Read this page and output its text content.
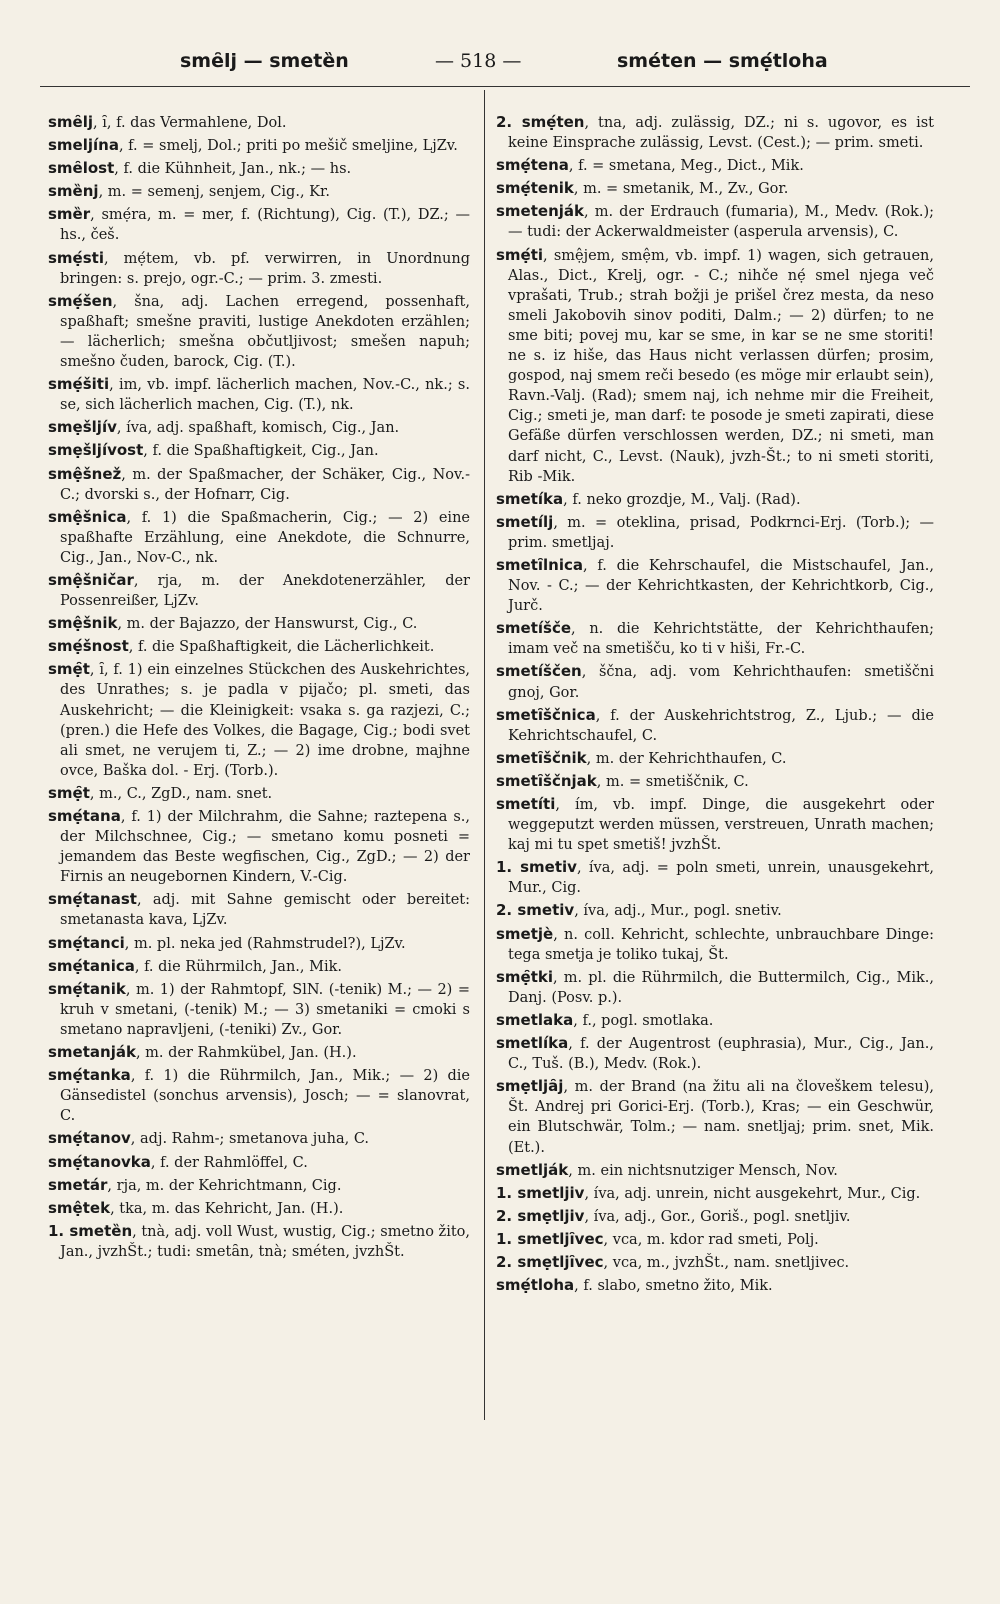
smȇlj — smetȅn	— 518 —	sméten — smẹ́tloha
smȇlj, ȋ, f. das Vermahlene, Dol.
smeljína, f. = smelj, Dol.; priti po mešič smeljine, LjZv.
smȇlost, f. die Kühnheit, Jan., nk.; — hs.
smȅnj, m. = semenj, senjem, Cig., Kr.
smȅr, smẹ́ra, m. = mer, f. (Richtung), Cig. (T.), DZ.; — hs., češ.
smẹ́sti, mẹ́tem, vb. pf. verwirren, in Unordnung bringen: s. prejo, ogr.-C.; — prim. 3. zmesti.
smẹ́šen, šna, adj. Lachen erregend, possenhaft, spaßhaft; smešne praviti, lustige Anekdoten erzählen; — lächerlich; smešna občutljivost; smešen napuh; smešno čuden, barock, Cig. (T.).
smẹ́šiti, im, vb. impf. lächerlich machen, Nov.-C., nk.; s. se, sich lächerlich machen, Cig. (T.), nk.
smẹšljív, íva, adj. spaßhaft, komisch, Cig., Jan.
smẹšljívost, f. die Spaßhaftigkeit, Cig., Jan.
smệšnež, m. der Spaßmacher, der Schäker, Cig., Nov.-C.; dvorski s., der Hofnarr, Cig.
smệšnica, f. 1) die Spaßmacherin, Cig.; — 2) eine spaßhafte Erzählung, eine Anekdote, die Schnurre, Cig., Jan., Nov-C., nk.
smệšničar, rja, m. der Anekdotenerzähler, der Possenreißer, LjZv.
smệšnik, m. der Bajazzo, der Hanswurst, Cig., C.
smẹ́šnost, f. die Spaßhaftigkeit, die Lächerlichkeit.
smẹ̑t, ȋ, f. 1) ein einzelnes Stückchen des Auskehrichtes, des Unrathes; s. je padla v pijačo; pl. smeti, das Auskehricht; — die Kleinigkeit: vsaka s. ga razjezi, C.; (pren.) die Hefe des Volkes, die Bagage, Cig.; bodi svet ali smet, ne verujem ti, Z.; — 2) ime drobne, majhne ovce, Baška dol. - Erj. (Torb.).
smẹ̑t, m., C., ZgD., nam. snet.
smẹ́tana, f. 1) der Milchrahm, die Sahne; raztepena s., der Milchschnee, Cig.; — smetano komu posneti = jemandem das Beste wegfischen, Cig., ZgD.; — 2) der Firnis an neugebornen Kindern, V.-Cig.
smẹ́tanast, adj. mit Sahne gemischt oder bereitet: smetanasta kava, LjZv.
smẹ́tanci, m. pl. neka jed (Rahmstrudel?), LjZv.
smẹ́tanica, f. die Rührmilch, Jan., Mik.
smẹ́tanik, m. 1) der Rahmtopf, SlN. (-tenik) M.; — 2) = kruh v smetani, (-tenik) M.; — 3) smetaniki = cmoki s smetano napravljeni, (-teniki) Zv., Gor.
smetanják, m. der Rahmkübel, Jan. (H.).
smẹ́tanka, f. 1) die Rührmilch, Jan., Mik.; — 2) die Gänsedistel (sonchus arvensis), Josch; — = slanovrat, C.
smẹ́tanov, adj. Rahm-; smetanova juha, C.
smẹ́tanovka, f. der Rahmlöffel, C.
smetár, rja, m. der Kehrichtmann, Cig.
smệtek, tka, m. das Kehricht, Jan. (H.).
1. smetȅn, tnà, adj. voll Wust, wustig, Cig.; smetno žito, Jan., jvzhŠt.; tudi: smetȃn, tnà; sméten, jvzhŠt.
2. smẹ́ten, tna, adj. zulässig, DZ.; ni s. ugovor, es ist keine Einsprache zulässig, Levst. (Cest.); — prim. smeti.
smẹ́tena, f. = smetana, Meg., Dict., Mik.
smẹ́tenik, m. = smetanik, M., Zv., Gor.
smetenják, m. der Erdrauch (fumaria), M., Medv. (Rok.); — tudi: der Ackerwaldmeister (asperula arvensis), C.
smẹ́ti, smệjem, smệm, vb. impf. 1) wagen, sich getrauen, Alas., Dict., Krelj, ogr. - C.; nihče nẹ́ smel njega več vprašati, Trub.; strah božji je prišel črez mesta, da neso smeli Jakobovih sinov poditi, Dalm.; — 2) dürfen; to ne sme biti; povej mu, kar se sme, in kar se ne sme storiti! ne s. iz hiše, das Haus nicht verlassen dürfen; prosim, gospod, naj smem reči besedo (es möge mir erlaubt sein), Ravn.-Valj. (Rad); smem naj, ich nehme mir die Freiheit, Cig.; smeti je, man darf: te posode je smeti zapirati, diese Gefäße dürfen verschlossen werden, DZ.; ni smeti, man darf nicht, C., Levst. (Nauk), jvzh-Št.; to ni smeti storiti, Rib -Mik.
smetíka, f. neko grozdje, M., Valj. (Rad).
smetílj, m. = oteklina, prisad, Podkrnci-Erj. (Torb.); — prim. smetljaj.
smetȋlnica, f. die Kehrschaufel, die Mistschaufel, Jan., Nov. - C.; — der Kehrichtkasten, der Kehrichtkorb, Cig., Jurč.
smetíšče, n. die Kehrichtstätte, der Kehrichthaufen; imam več na smetišču, ko ti v hiši, Fr.-C.
smetíščen, ščna, adj. vom Kehrichthaufen: smetiščni gnoj, Gor.
smetȋščnica, f. der Auskehrichtstrog, Z., Ljub.; — die Kehrichtschaufel, C.
smetȋščnik, m. der Kehrichthaufen, C.
smetȋščnjak, m. = smetiščnik, C.
smetíti, ím, vb. impf. Dinge, die ausgekehrt oder weggeputzt werden müssen, verstreuen, Unrath machen; kaj mi tu spet smetiš! jvzhŠt.
1. smetiv, íva, adj. = poln smeti, unrein, unausgekehrt, Mur., Cig.
2. smetiv, íva, adj., Mur., pogl. snetiv.
smetjè, n. coll. Kehricht, schlechte, unbrauchbare Dinge: tega smetja je toliko tukaj, Št.
smẹ̑tki, m. pl. die Rührmilch, die Buttermilch, Cig., Mik., Danj. (Posv. p.).
smetlaka, f., pogl. smotlaka.
smetlíka, f. der Augentrost (euphrasia), Mur., Cig., Jan., C., Tuš. (B.), Medv. (Rok.).
smẹtljȃj, m. der Brand (na žitu ali na človeškem telesu), Št. Andrej pri Gorici-Erj. (Torb.), Kras; — ein Geschwür, ein Blutschwär, Tolm.; — nam. snetljaj; prim. snet, Mik. (Et.).
smetlják, m. ein nichtsnutziger Mensch, Nov.
1. smetljiv, íva, adj. unrein, nicht ausgekehrt, Mur., Cig.
2. smẹtljiv, íva, adj., Gor., Goriš., pogl. snetljiv.
1. smetljȋvec, vca, m. kdor rad smeti, Polj.
2. smẹtljȋvec, vca, m., jvzhŠt., nam. snetljivec.
smẹ́tloha, f. slabo, smetno žito, Mik.
